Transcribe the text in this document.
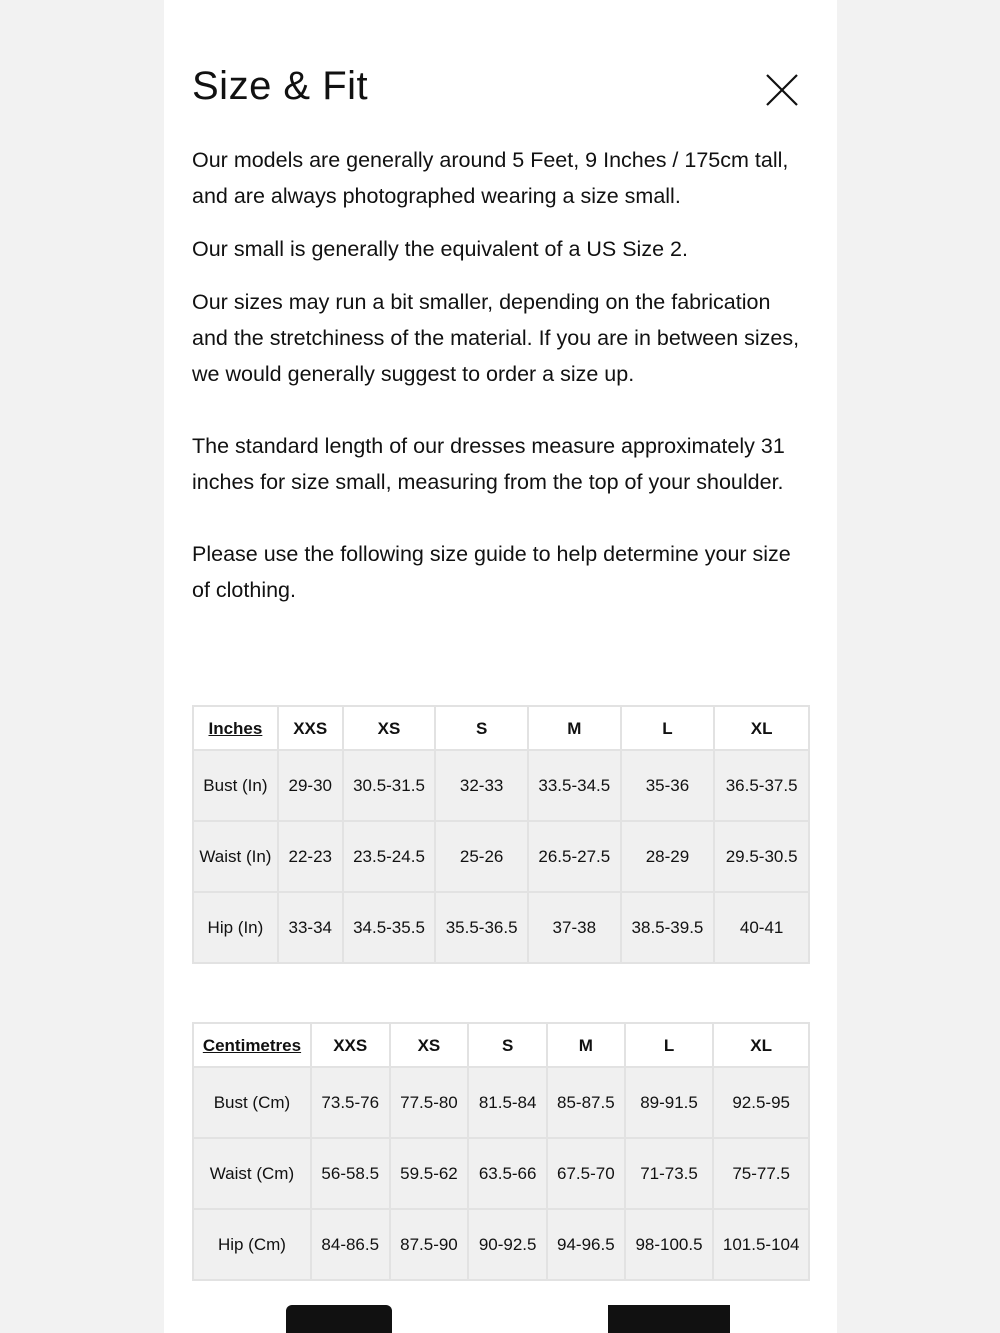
Size & Fit

Our models are generally around 5 Feet, 9 Inches / 175cm tall, and are always photographed wearing a size small.

Our small is generally the equivalent of a US Size 2.

Our sizes may run a bit smaller, depending on the fabrication and the stretchiness of the material. If you are in between sizes, we would generally suggest to order a size up.

The standard length of our dresses measure approximately 31 inches for size small, measuring from the top of your shoulder.

Please use the following size guide to help determine your size of clothing.

Inches	XXS	XS	S	M	L	XL
Bust (In)	29-30	30.5-31.5	32-33	33.5-34.5	35-36	36.5-37.5
Waist (In)	22-23	23.5-24.5	25-26	26.5-27.5	28-29	29.5-30.5
Hip (In)	33-34	34.5-35.5	35.5-36.5	37-38	38.5-39.5	40-41
Centimetres	XXS	XS	S	M	L	XL
Bust (Cm)	73.5-76	77.5-80	81.5-84	85-87.5	89-91.5	92.5-95
Waist (Cm)	56-58.5	59.5-62	63.5-66	67.5-70	71-73.5	75-77.5
Hip (Cm)	84-86.5	87.5-90	90-92.5	94-96.5	98-100.5	101.5-104
